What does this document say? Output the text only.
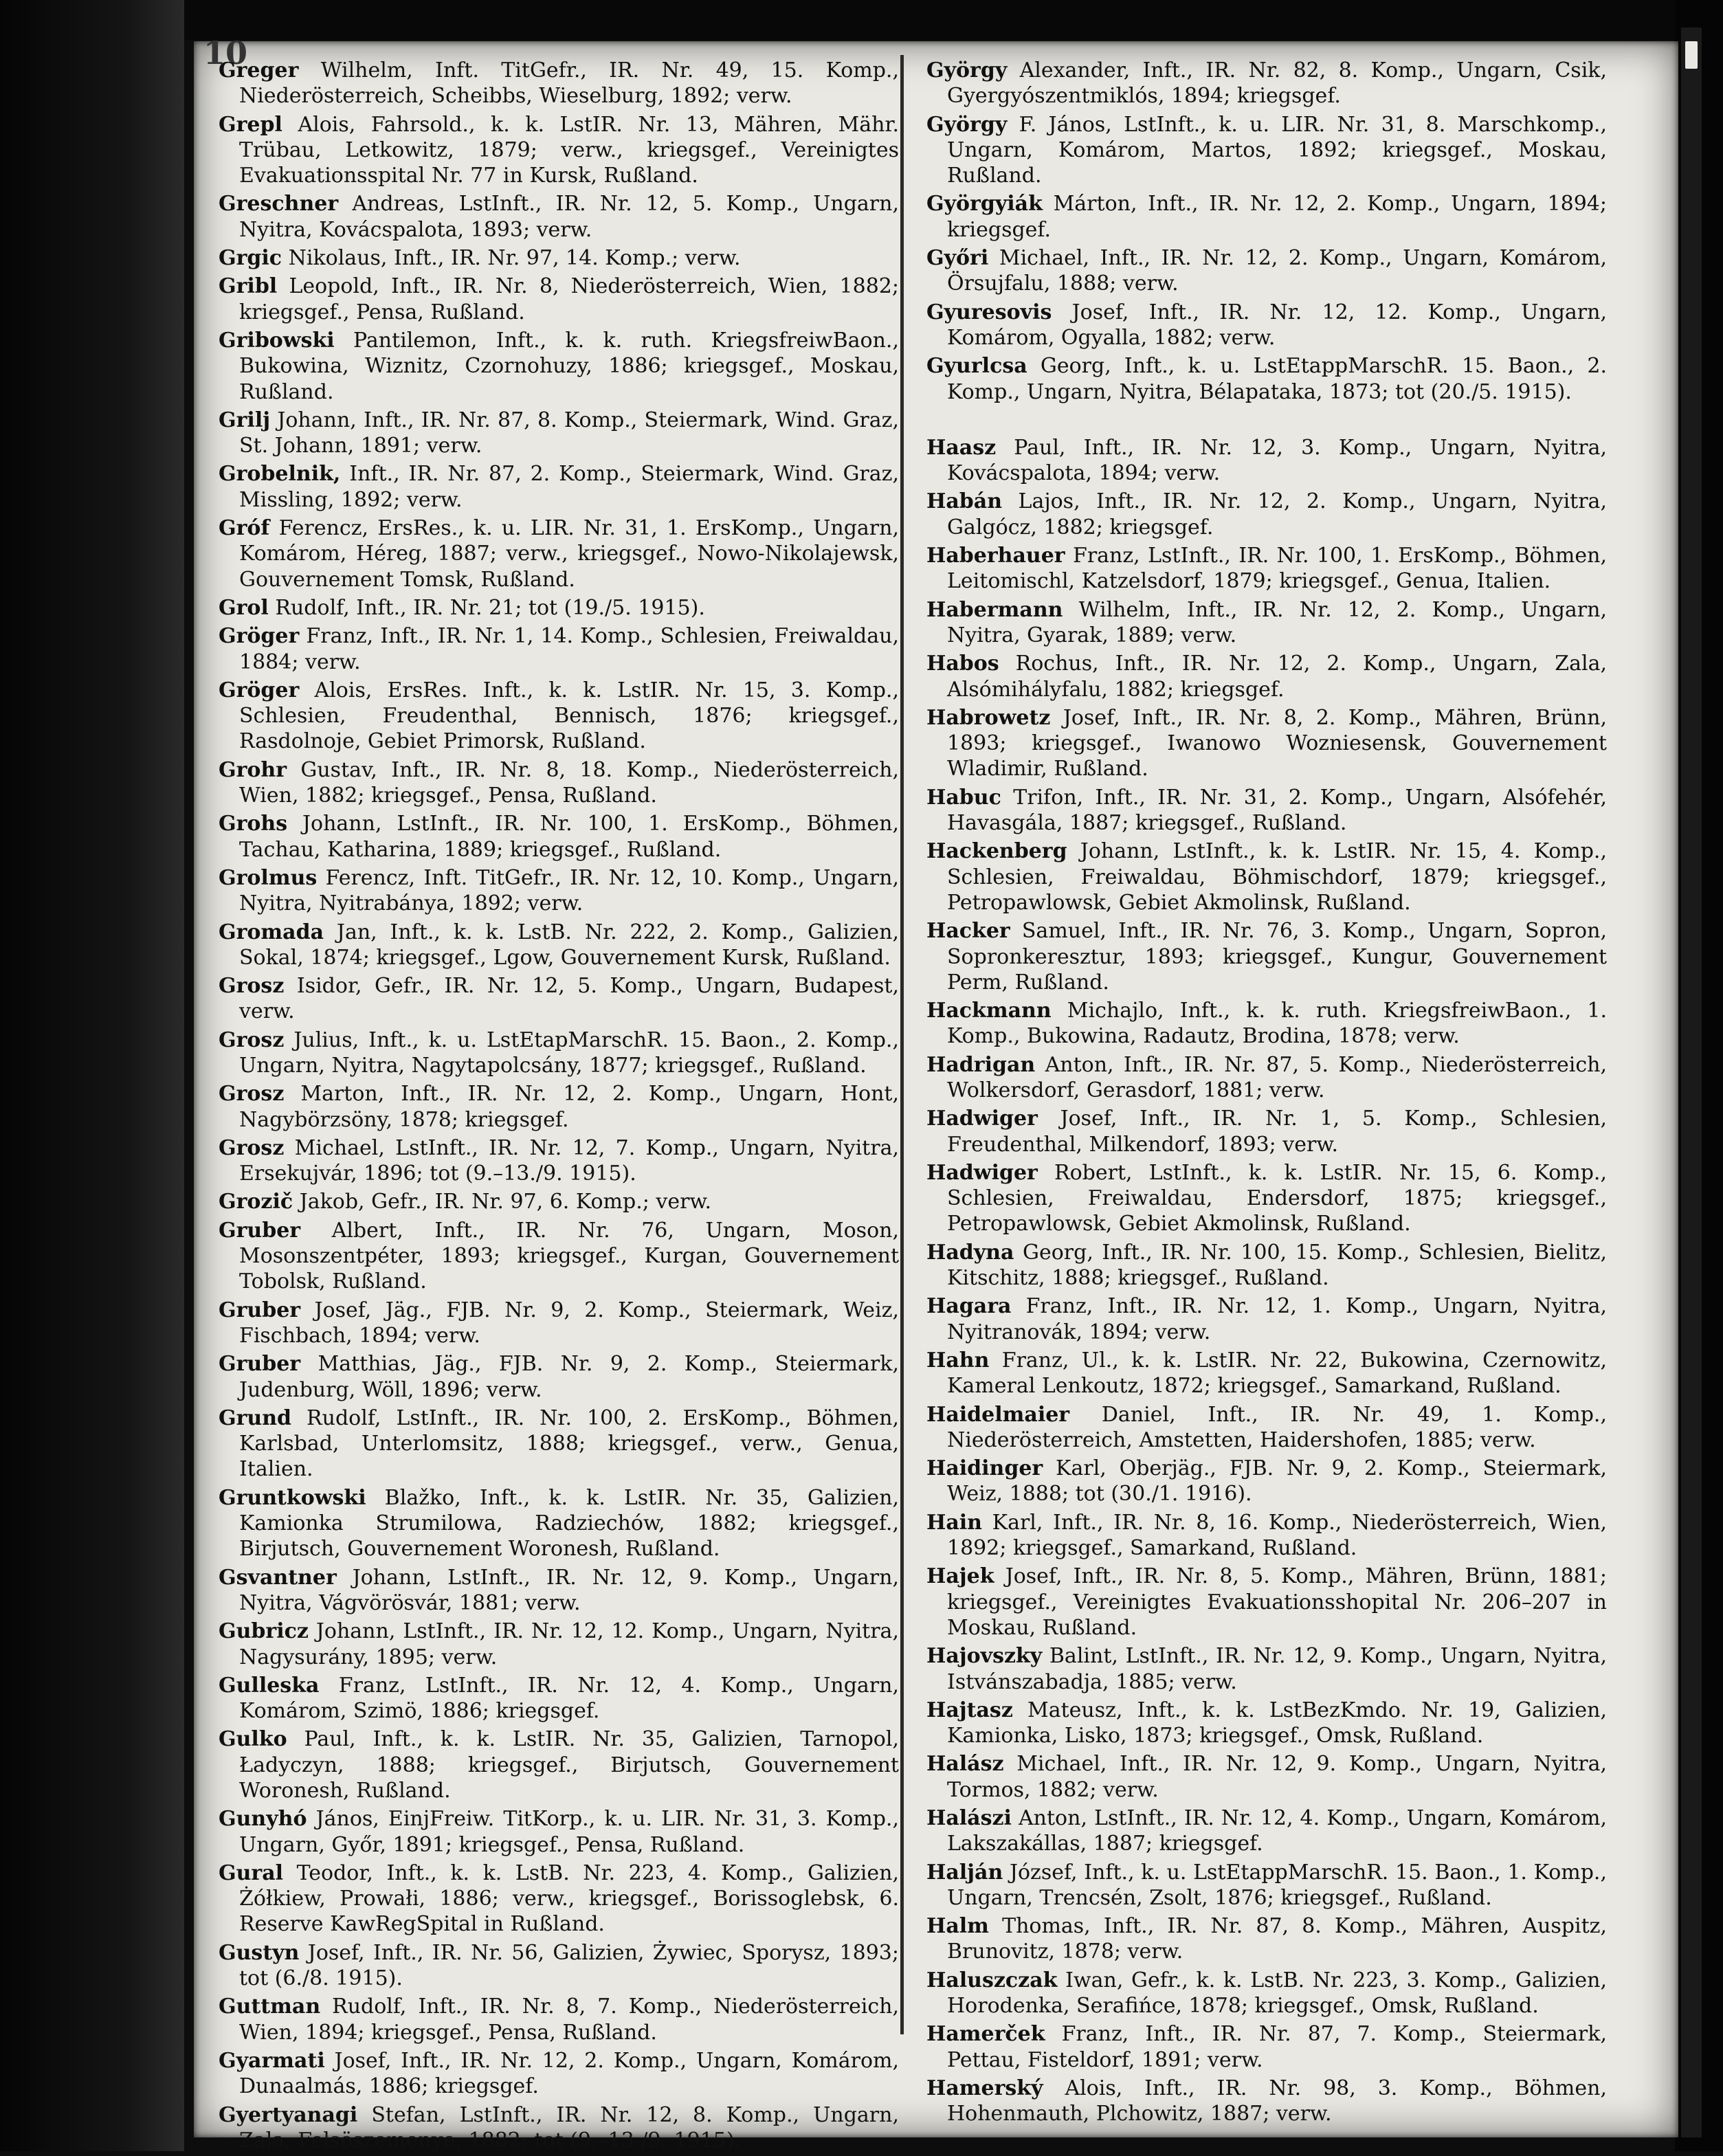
10

Greger Wilhelm, Inft. TitGefr., IR. Nr. 49, 15. Komp., Niederösterreich, Scheibbs, Wieselburg, 1892; verw.

Grepl Alois, Fahrsold., k. k. LstIR. Nr. 13, Mähren, Mähr. Trübau, Letkowitz, 1879; verw., kriegsgef., Vereinigtes Evakuationsspital Nr. 77 in Kursk, Rußland.

Greschner Andreas, LstInft., IR. Nr. 12, 5. Komp., Ungarn, Nyitra, Kovácspalota, 1893; verw.

Grgic Nikolaus, Inft., IR. Nr. 97, 14. Komp.; verw.

Gribl Leopold, Inft., IR. Nr. 8, Niederösterreich, Wien, 1882; kriegsgef., Pensa, Rußland.

Gribowski Pantilemon, Inft., k. k. ruth. KriegsfreiwBaon., Bukowina, Wiznitz, Czornohuzy, 1886; kriegsgef., Moskau, Rußland.

Grilj Johann, Inft., IR. Nr. 87, 8. Komp., Steiermark, Wind. Graz, St. Johann, 1891; verw.

Grobelnik, Inft., IR. Nr. 87, 2. Komp., Steiermark, Wind. Graz, Missling, 1892; verw.

Gróf Ferencz, ErsRes., k. u. LIR. Nr. 31, 1. ErsKomp., Ungarn, Komárom, Héreg, 1887; verw., kriegsgef., Nowo-Nikolajewsk, Gouvernement Tomsk, Rußland.

Grol Rudolf, Inft., IR. Nr. 21; tot (19./5. 1915).

Gröger Franz, Inft., IR. Nr. 1, 14. Komp., Schlesien, Freiwaldau, 1884; verw.

Gröger Alois, ErsRes. Inft., k. k. LstIR. Nr. 15, 3. Komp., Schlesien, Freudenthal, Bennisch, 1876; kriegsgef., Rasdolnoje, Gebiet Primorsk, Rußland.

Grohr Gustav, Inft., IR. Nr. 8, 18. Komp., Niederösterreich, Wien, 1882; kriegsgef., Pensa, Rußland.

Grohs Johann, LstInft., IR. Nr. 100, 1. ErsKomp., Böhmen, Tachau, Katharina, 1889; kriegsgef., Rußland.

Grolmus Ferencz, Inft. TitGefr., IR. Nr. 12, 10. Komp., Ungarn, Nyitra, Nyitrabánya, 1892; verw.

Gromada Jan, Inft., k. k. LstB. Nr. 222, 2. Komp., Galizien, Sokal, 1874; kriegsgef., Lgow, Gouvernement Kursk, Rußland.

Grosz Isidor, Gefr., IR. Nr. 12, 5. Komp., Ungarn, Budapest, verw.

Grosz Julius, Inft., k. u. LstEtapMarschR. 15. Baon., 2. Komp., Ungarn, Nyitra, Nagytapolcsány, 1877; kriegsgef., Rußland.

Grosz Marton, Inft., IR. Nr. 12, 2. Komp., Ungarn, Hont, Nagybörzsöny, 1878; kriegsgef.

Grosz Michael, LstInft., IR. Nr. 12, 7. Komp., Ungarn, Nyitra, Ersekujvár, 1896; tot (9.–13./9. 1915).

Grozič Jakob, Gefr., IR. Nr. 97, 6. Komp.; verw.

Gruber Albert, Inft., IR. Nr. 76, Ungarn, Moson, Mosonszentpéter, 1893; kriegsgef., Kurgan, Gouvernement Tobolsk, Rußland.

Gruber Josef, Jäg., FJB. Nr. 9, 2. Komp., Steiermark, Weiz, Fischbach, 1894; verw.

Gruber Matthias, Jäg., FJB. Nr. 9, 2. Komp., Steiermark, Judenburg, Wöll, 1896; verw.

Grund Rudolf, LstInft., IR. Nr. 100, 2. ErsKomp., Böhmen, Karlsbad, Unterlomsitz, 1888; kriegsgef., verw., Genua, Italien.

Gruntkowski Blažko, Inft., k. k. LstIR. Nr. 35, Galizien, Kamionka Strumilowa, Radziechów, 1882; kriegsgef., Birjutsch, Gouvernement Woronesh, Rußland.

Gsvantner Johann, LstInft., IR. Nr. 12, 9. Komp., Ungarn, Nyitra, Vágvörösvár, 1881; verw.

Gubricz Johann, LstInft., IR. Nr. 12, 12. Komp., Ungarn, Nyitra, Nagysurány, 1895; verw.

Gulleska Franz, LstInft., IR. Nr. 12, 4. Komp., Ungarn, Komárom, Szimö, 1886; kriegsgef.

Gulko Paul, Inft., k. k. LstIR. Nr. 35, Galizien, Tarnopol, Ładyczyn, 1888; kriegsgef., Birjutsch, Gouvernement Woronesh, Rußland.

Gunyhó János, EinjFreiw. TitKorp., k. u. LIR. Nr. 31, 3. Komp., Ungarn, Győr, 1891; kriegsgef., Pensa, Rußland.

Gural Teodor, Inft., k. k. LstB. Nr. 223, 4. Komp., Galizien, Żółkiew, Prowałi, 1886; verw., kriegsgef., Borissoglebsk, 6. Reserve KawRegSpital in Rußland.

Gustyn Josef, Inft., IR. Nr. 56, Galizien, Żywiec, Sporysz, 1893; tot (6./8. 1915).

Guttman Rudolf, Inft., IR. Nr. 8, 7. Komp., Niederösterreich, Wien, 1894; kriegsgef., Pensa, Rußland.

Gyarmati Josef, Inft., IR. Nr. 12, 2. Komp., Ungarn, Komárom, Dunaalmás, 1886; kriegsgef.

Gyertyanagi Stefan, LstInft., IR. Nr. 12, 8. Komp., Ungarn, Zala, Felsöszemenye, 1882; tot (9.–13./9. 1915).

György Alexander, Inft., IR. Nr. 82, 8. Komp., Ungarn, Csik, Gyergyószentmiklós, 1894; kriegsgef.

György F. János, LstInft., k. u. LIR. Nr. 31, 8. Marschkomp., Ungarn, Komárom, Martos, 1892; kriegsgef., Moskau, Rußland.

Györgyiák Márton, Inft., IR. Nr. 12, 2. Komp., Ungarn, 1894; kriegsgef.

Győri Michael, Inft., IR. Nr. 12, 2. Komp., Ungarn, Komárom, Örsujfalu, 1888; verw.

Gyuresovis Josef, Inft., IR. Nr. 12, 12. Komp., Ungarn, Komárom, Ogyalla, 1882; verw.

Gyurlcsa Georg, Inft., k. u. LstEtappMarschR. 15. Baon., 2. Komp., Ungarn, Nyitra, Bélapataka, 1873; tot (20./5. 1915).

Haasz Paul, Inft., IR. Nr. 12, 3. Komp., Ungarn, Nyitra, Kovácspalota, 1894; verw.

Habán Lajos, Inft., IR. Nr. 12, 2. Komp., Ungarn, Nyitra, Galgócz, 1882; kriegsgef.

Haberhauer Franz, LstInft., IR. Nr. 100, 1. ErsKomp., Böhmen, Leitomischl, Katzelsdorf, 1879; kriegsgef., Genua, Italien.

Habermann Wilhelm, Inft., IR. Nr. 12, 2. Komp., Ungarn, Nyitra, Gyarak, 1889; verw.

Habos Rochus, Inft., IR. Nr. 12, 2. Komp., Ungarn, Zala, Alsómihályfalu, 1882; kriegsgef.

Habrowetz Josef, Inft., IR. Nr. 8, 2. Komp., Mähren, Brünn, 1893; kriegsgef., Iwanowo Wozniesensk, Gouvernement Wladimir, Rußland.

Habuc Trifon, Inft., IR. Nr. 31, 2. Komp., Ungarn, Alsófehér, Havasgála, 1887; kriegsgef., Rußland.

Hackenberg Johann, LstInft., k. k. LstIR. Nr. 15, 4. Komp., Schlesien, Freiwaldau, Böhmischdorf, 1879; kriegsgef., Petropawlowsk, Gebiet Akmolinsk, Rußland.

Hacker Samuel, Inft., IR. Nr. 76, 3. Komp., Ungarn, Sopron, Sopronkeresztur, 1893; kriegsgef., Kungur, Gouvernement Perm, Rußland.

Hackmann Michajlo, Inft., k. k. ruth. KriegsfreiwBaon., 1. Komp., Bukowina, Radautz, Brodina, 1878; verw.

Hadrigan Anton, Inft., IR. Nr. 87, 5. Komp., Niederösterreich, Wolkersdorf, Gerasdorf, 1881; verw.

Hadwiger Josef, Inft., IR. Nr. 1, 5. Komp., Schlesien, Freudenthal, Milkendorf, 1893; verw.

Hadwiger Robert, LstInft., k. k. LstIR. Nr. 15, 6. Komp., Schlesien, Freiwaldau, Endersdorf, 1875; kriegsgef., Petropawlowsk, Gebiet Akmolinsk, Rußland.

Hadyna Georg, Inft., IR. Nr. 100, 15. Komp., Schlesien, Bielitz, Kitschitz, 1888; kriegsgef., Rußland.

Hagara Franz, Inft., IR. Nr. 12, 1. Komp., Ungarn, Nyitra, Nyitranovák, 1894; verw.

Hahn Franz, Ul., k. k. LstIR. Nr. 22, Bukowina, Czernowitz, Kameral Lenkoutz, 1872; kriegsgef., Samarkand, Rußland.

Haidelmaier Daniel, Inft., IR. Nr. 49, 1. Komp., Niederösterreich, Amstetten, Haidershofen, 1885; verw.

Haidinger Karl, Oberjäg., FJB. Nr. 9, 2. Komp., Steiermark, Weiz, 1888; tot (30./1. 1916).

Hain Karl, Inft., IR. Nr. 8, 16. Komp., Niederösterreich, Wien, 1892; kriegsgef., Samarkand, Rußland.

Hajek Josef, Inft., IR. Nr. 8, 5. Komp., Mähren, Brünn, 1881; kriegsgef., Vereinigtes Evakuationsshopital Nr. 206–207 in Moskau, Rußland.

Hajovszky Balint, LstInft., IR. Nr. 12, 9. Komp., Ungarn, Nyitra, Istvánszabadja, 1885; verw.

Hajtasz Mateusz, Inft., k. k. LstBezKmdo. Nr. 19, Galizien, Kamionka, Lisko, 1873; kriegsgef., Omsk, Rußland.

Halász Michael, Inft., IR. Nr. 12, 9. Komp., Ungarn, Nyitra, Tormos, 1882; verw.

Halászi Anton, LstInft., IR. Nr. 12, 4. Komp., Ungarn, Komárom, Lakszakállas, 1887; kriegsgef.

Halján József, Inft., k. u. LstEtappMarschR. 15. Baon., 1. Komp., Ungarn, Trencsén, Zsolt, 1876; kriegsgef., Rußland.

Halm Thomas, Inft., IR. Nr. 87, 8. Komp., Mähren, Auspitz, Brunovitz, 1878; verw.

Haluszczak Iwan, Gefr., k. k. LstB. Nr. 223, 3. Komp., Galizien, Horodenka, Serafińce, 1878; kriegsgef., Omsk, Rußland.

Hamerček Franz, Inft., IR. Nr. 87, 7. Komp., Steiermark, Pettau, Fisteldorf, 1891; verw.

Hamerský Alois, Inft., IR. Nr. 98, 3. Komp., Böhmen, Hohenmauth, Plchowitz, 1887; verw.
